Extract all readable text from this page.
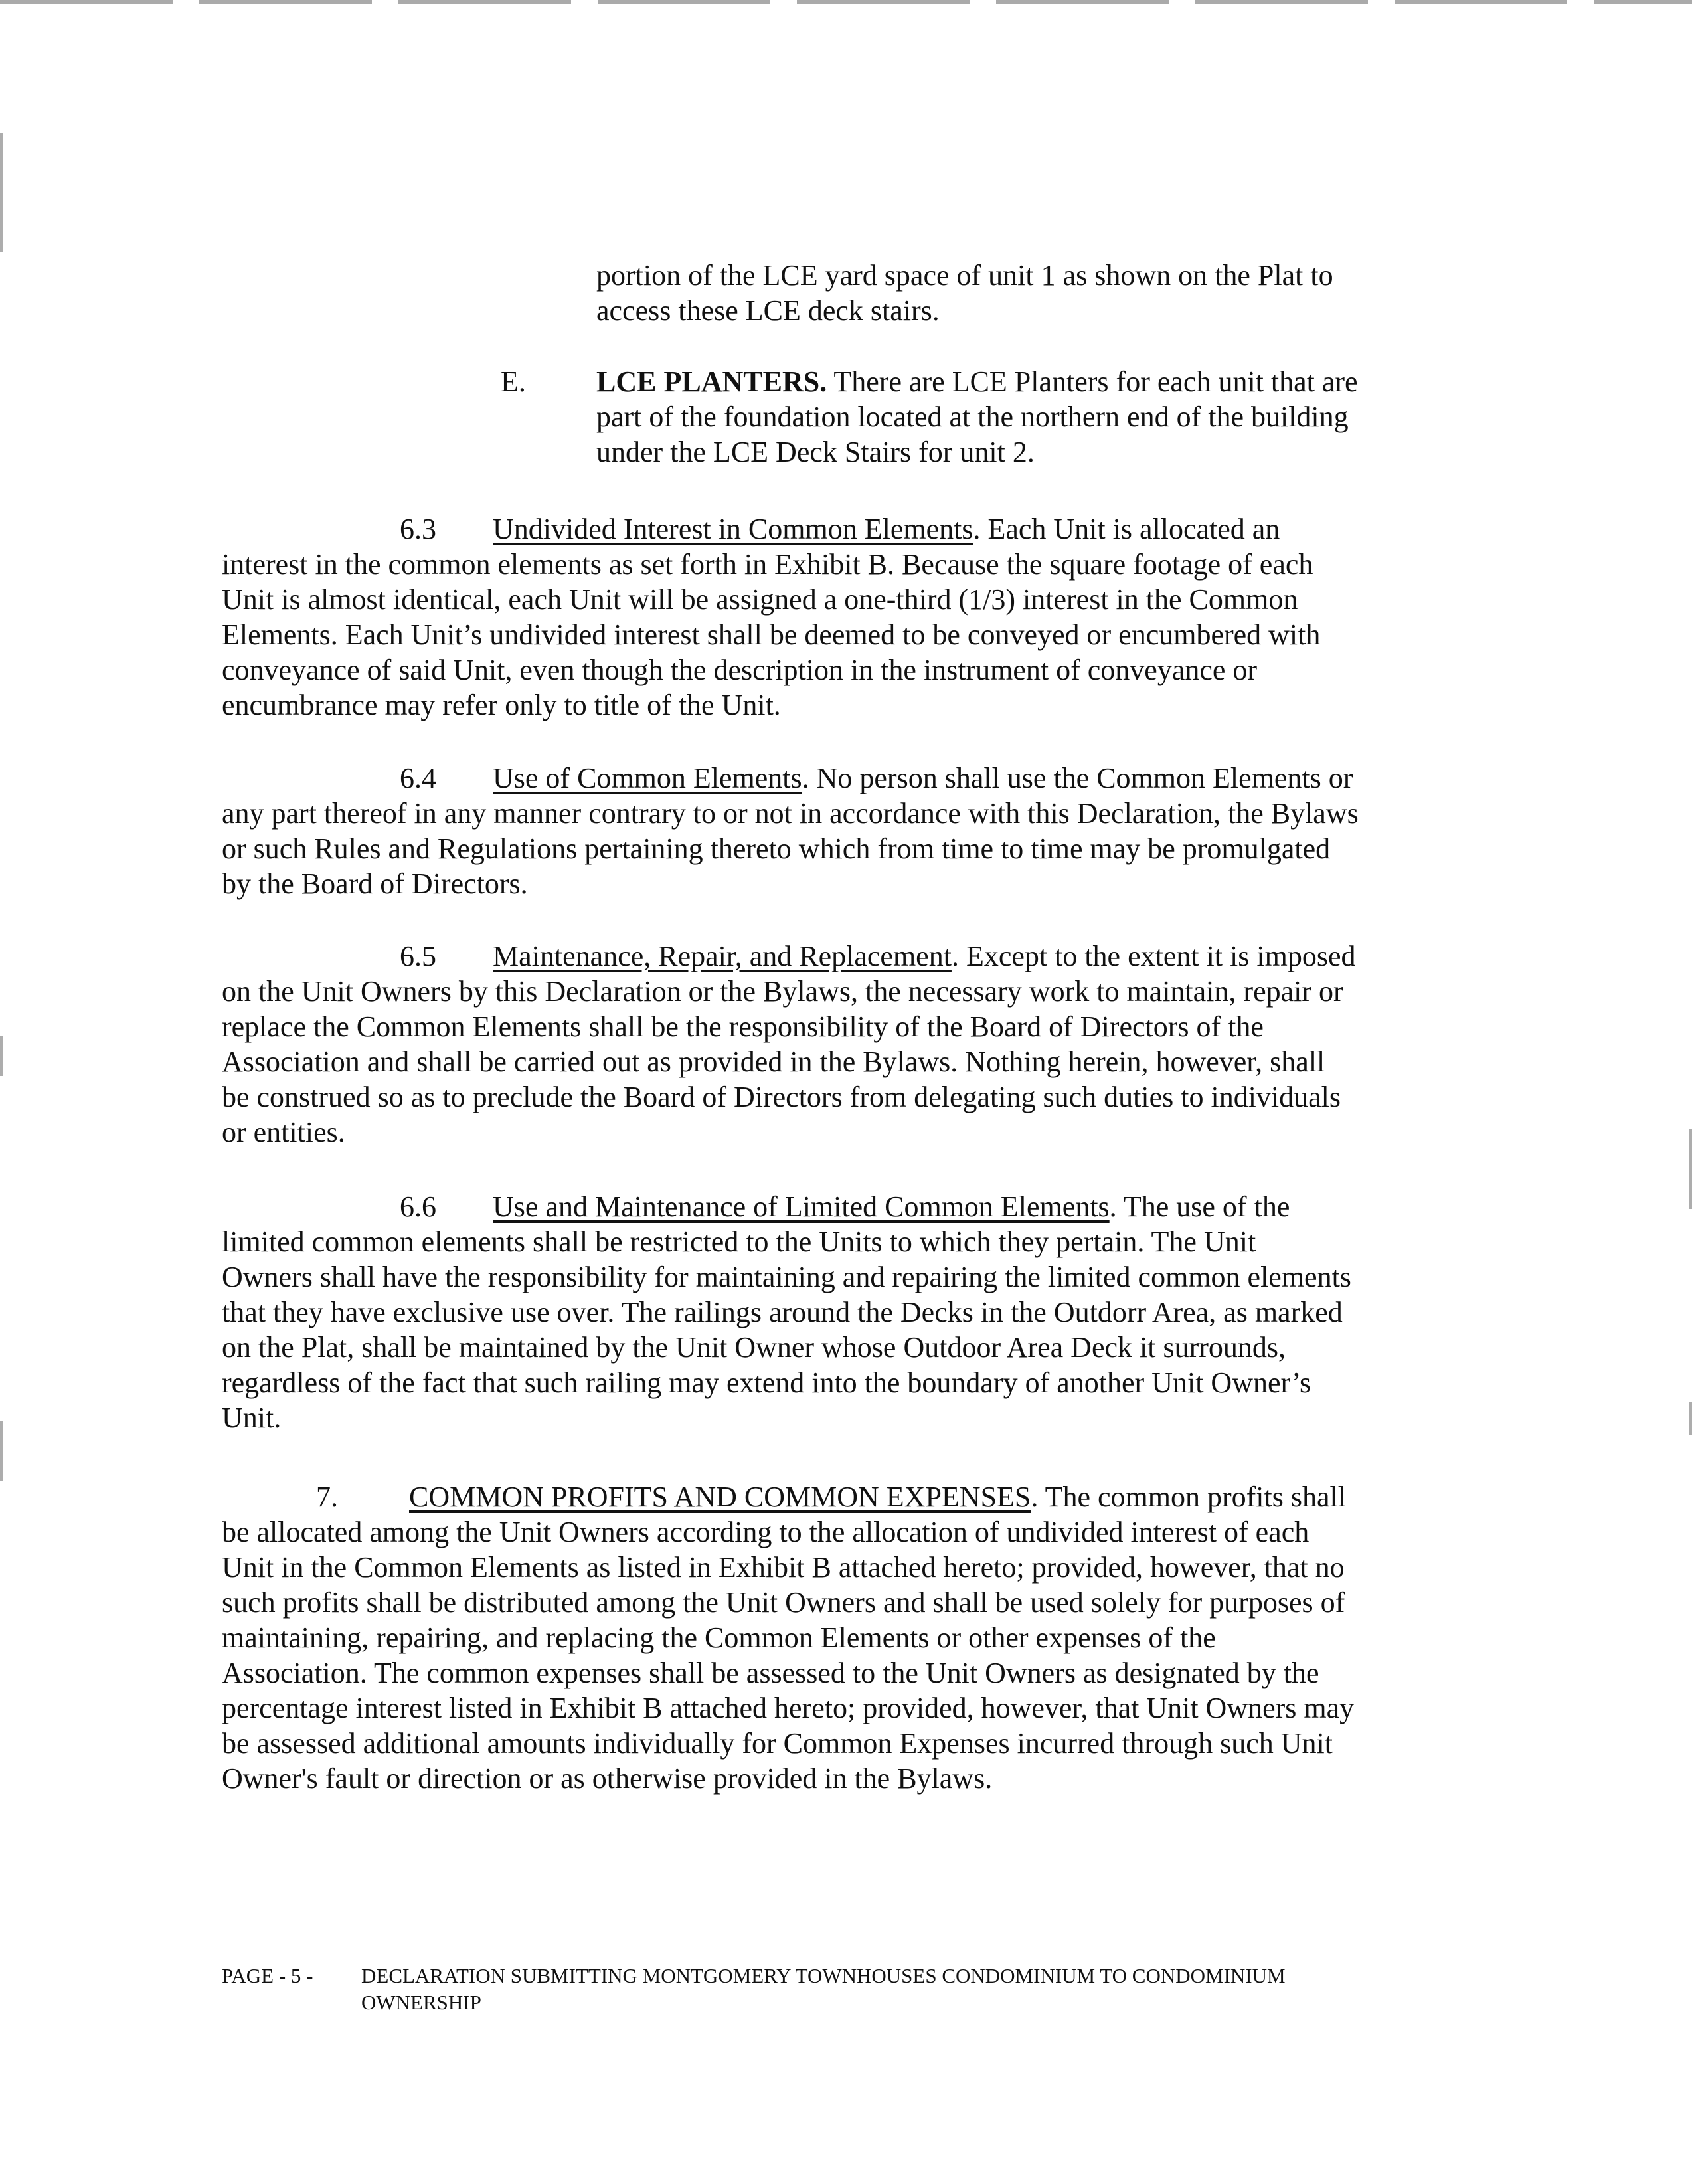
portion of the LCE yard space of unit 1 as shown on the Plat to
access these LCE deck stairs.
E. LCE PLANTERS. There are LCE Planters for each unit that are
part of the foundation located at the northern end of the building
under the LCE Deck Stairs for unit 2.
6.3 Undivided Interest in Common Elements. Each Unit is allocated an
interest in the common elements as set forth in Exhibit B. Because the square footage of each
Unit is almost identical, each Unit will be assigned a one-third (1/3) interest in the Common
Elements. Each Unit’s undivided interest shall be deemed to be conveyed or encumbered with
conveyance of said Unit, even though the description in the instrument of conveyance or
encumbrance may refer only to title of the Unit.
6.4 Use of Common Elements. No person shall use the Common Elements or
any part thereof in any manner contrary to or not in accordance with this Declaration, the Bylaws
or such Rules and Regulations pertaining thereto which from time to time may be promulgated
by the Board of Directors.
6.5 Maintenance, Repair, and Replacement. Except to the extent it is imposed
on the Unit Owners by this Declaration or the Bylaws, the necessary work to maintain, repair or
replace the Common Elements shall be the responsibility of the Board of Directors of the
Association and shall be carried out as provided in the Bylaws. Nothing herein, however, shall
be construed so as to preclude the Board of Directors from delegating such duties to individuals
or entities.
6.6 Use and Maintenance of Limited Common Elements. The use of the
limited common elements shall be restricted to the Units to which they pertain. The Unit
Owners shall have the responsibility for maintaining and repairing the limited common elements
that they have exclusive use over. The railings around the Decks in the Outdorr Area, as marked
on the Plat, shall be maintained by the Unit Owner whose Outdoor Area Deck it surrounds,
regardless of the fact that such railing may extend into the boundary of another Unit Owner’s
Unit.
7. COMMON PROFITS AND COMMON EXPENSES. The common profits shall
be allocated among the Unit Owners according to the allocation of undivided interest of each
Unit in the Common Elements as listed in Exhibit B attached hereto; provided, however, that no
such profits shall be distributed among the Unit Owners and shall be used solely for purposes of
maintaining, repairing, and replacing the Common Elements or other expenses of the
Association. The common expenses shall be assessed to the Unit Owners as designated by the
percentage interest listed in Exhibit B attached hereto; provided, however, that Unit Owners may
be assessed additional amounts individually for Common Expenses incurred through such Unit
Owner's fault or direction or as otherwise provided in the Bylaws.
PAGE - 5 - DECLARATION SUBMITTING MONTGOMERY TOWNHOUSES CONDOMINIUM TO CONDOMINIUM
OWNERSHIP
